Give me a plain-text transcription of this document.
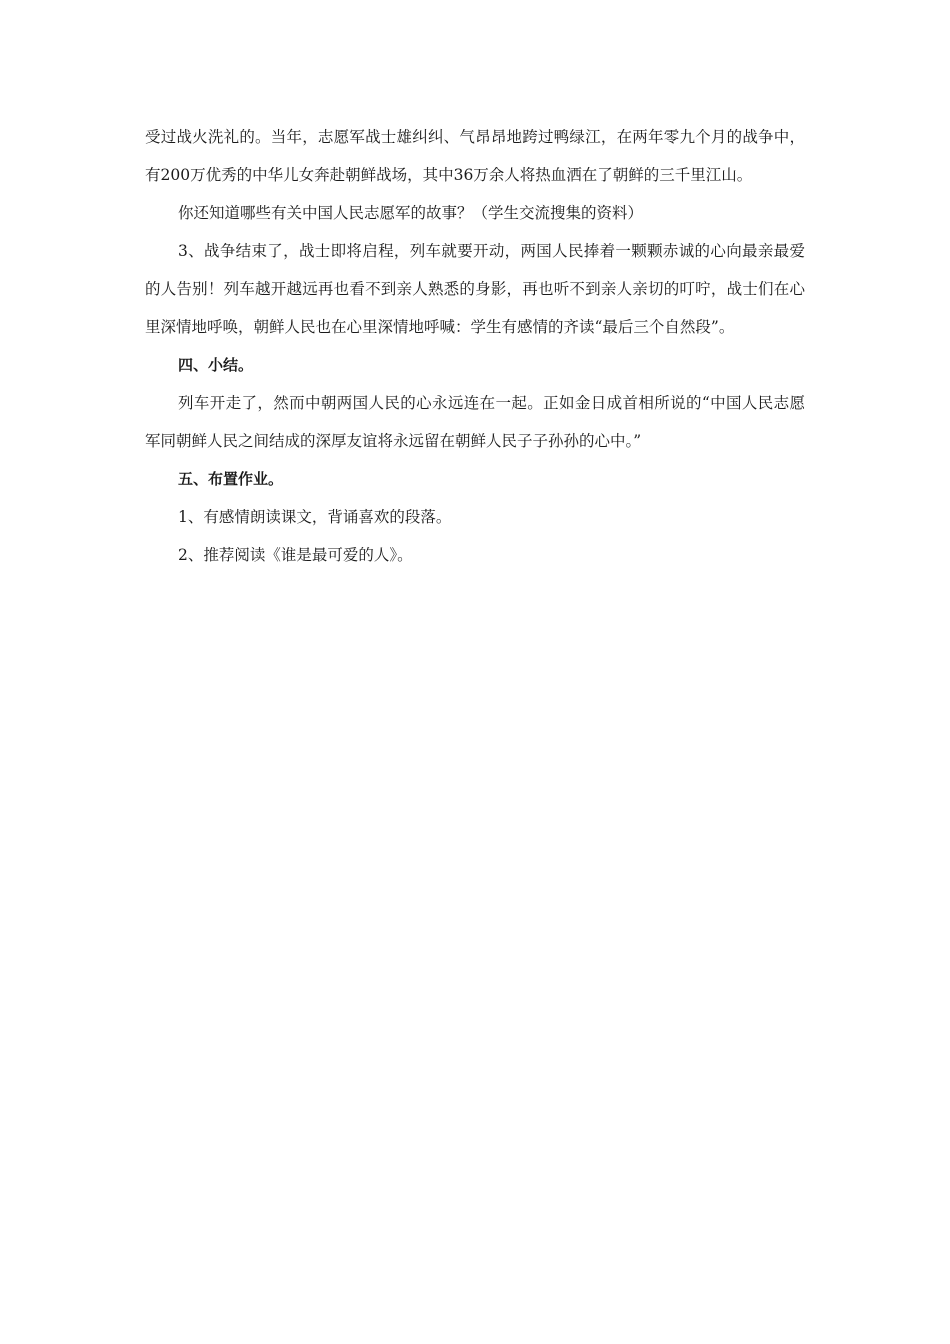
受过战火洗礼的。当年，志愿军战士雄纠纠、气昂昂地跨过鸭绿江，在两年零九个月的战争中，有200万优秀的中华儿女奔赴朝鲜战场，其中36万余人将热血洒在了朝鲜的三千里江山。

你还知道哪些有关中国人民志愿军的故事？（学生交流搜集的资料）

3、战争结束了，战士即将启程，列车就要开动，两国人民捧着一颗颗赤诚的心向最亲最爱的人告别！列车越开越远再也看不到亲人熟悉的身影，再也听不到亲人亲切的叮咛，战士们在心里深情地呼唤，朝鲜人民也在心里深情地呼喊：学生有感情的齐读“最后三个自然段”。

四、小结。

列车开走了，然而中朝两国人民的心永远连在一起。正如金日成首相所说的“中国人民志愿军同朝鲜人民之间结成的深厚友谊将永远留在朝鲜人民子子孙孙的心中。”

五、布置作业。

1、有感情朗读课文，背诵喜欢的段落。

2、推荐阅读《谁是最可爱的人》。
